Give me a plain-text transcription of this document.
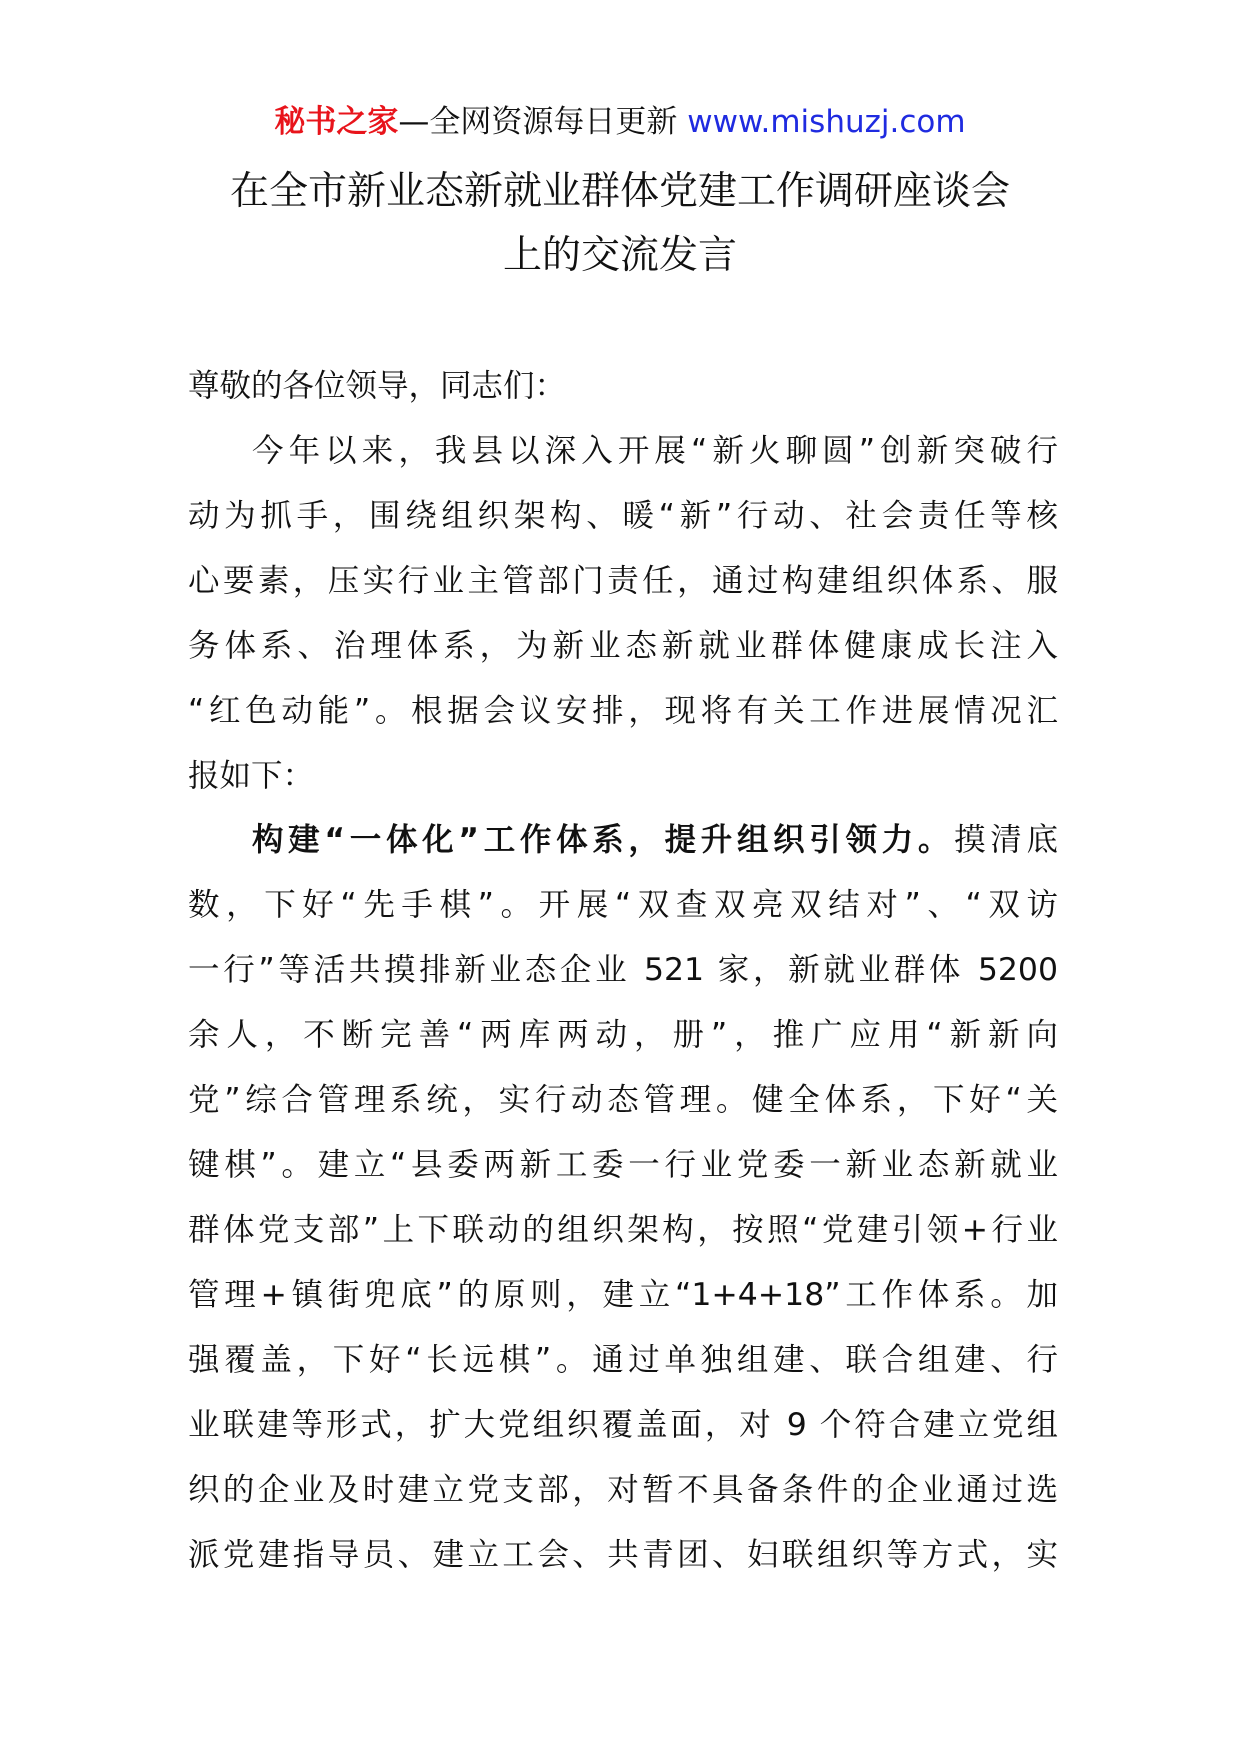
秘书之家—全网资源每日更新 www.mishuzj.com
在全市新业态新就业群体党建工作调研座谈会
上的交流发言
尊敬的各位领导，同志们：
今年以来，我县以深入开展“新火聊圆”创新突破行
动为抓手，围绕组织架构、暖“新”行动、社会责任等核
心要素，压实行业主管部门责任，通过构建组织体系、服
务体系、治理体系，为新业态新就业群体健康成长注入
“红色动能”。根据会议安排，现将有关工作进展情况汇
报如下：
构建“一体化”工作体系，提升组织引领力。摸清底
数，下好“先手棋”。开展“双查双亮双结对”、“双访
一行”等活共摸排新业态企业 521 家，新就业群体 5200
余人，不断完善“两库两动，册”，推广应用“新新向
党”综合管理系统，实行动态管理。健全体系，下好“关
键棋”。建立“县委两新工委一行业党委一新业态新就业
群体党支部”上下联动的组织架构，按照“党建引领+行业
管理+镇街兜底”的原则，建立“1+4+18”工作体系。加
强覆盖，下好“长远棋”。通过单独组建、联合组建、行
业联建等形式，扩大党组织覆盖面，对 9 个符合建立党组
织的企业及时建立党支部，对暂不具备条件的企业通过选
派党建指导员、建立工会、共青团、妇联组织等方式，实
